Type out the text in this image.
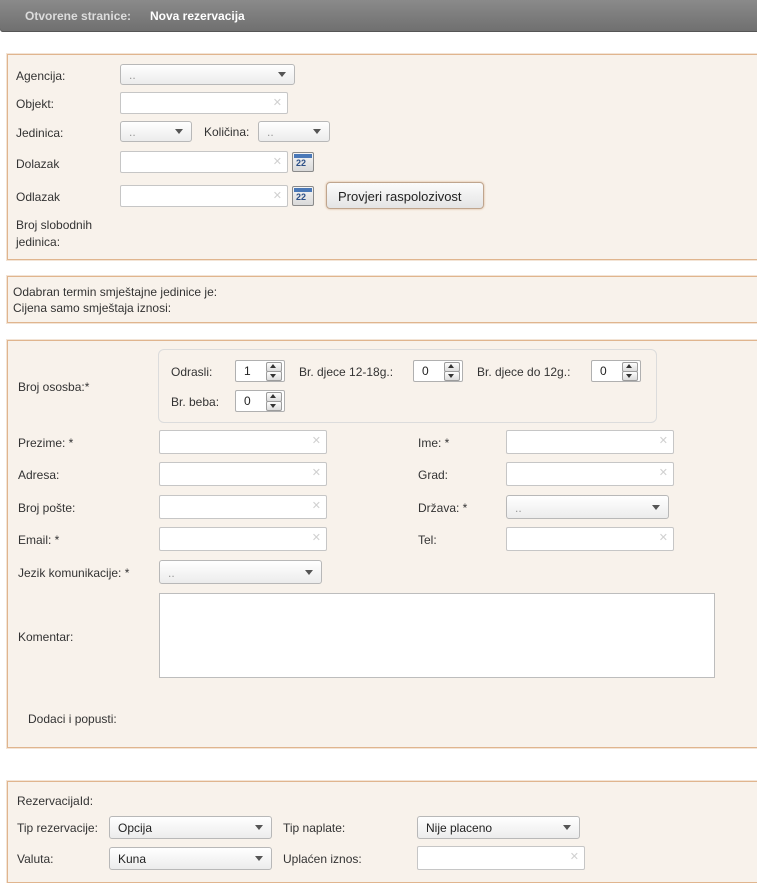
Otvorene stranice: Nova rezervacija
Agencija:	..
Objekt:	✕
Jedinica:	..	Količina: ..
Dolazak	✕ 22
Odlazak	✕ 22 Provjeri raspolozivost
Broj slobodnih
jedinica:
Odabran termin smještajne jedinice je:
Cijena samo smještaja iznosi:
Broj ososba:*
Odrasli:	1	Br. djece 12-18g.: 0	Br. djece do 12g.: 0
Br. beba: 0
Prezime: *	✕	Ime: *	✕
Adresa:	✕	Grad:	✕
Broj pošte:	✕	Država: *	..
Email: *	✕	Tel:	✕
Jezik komunikacije: *	..
Komentar:
Dodaci i popusti:
RezervacijaId:
Tip rezervacije: Opcija	Tip naplate:	Nije placeno
Valuta:	Kuna	Uplaćen iznos:	✕
